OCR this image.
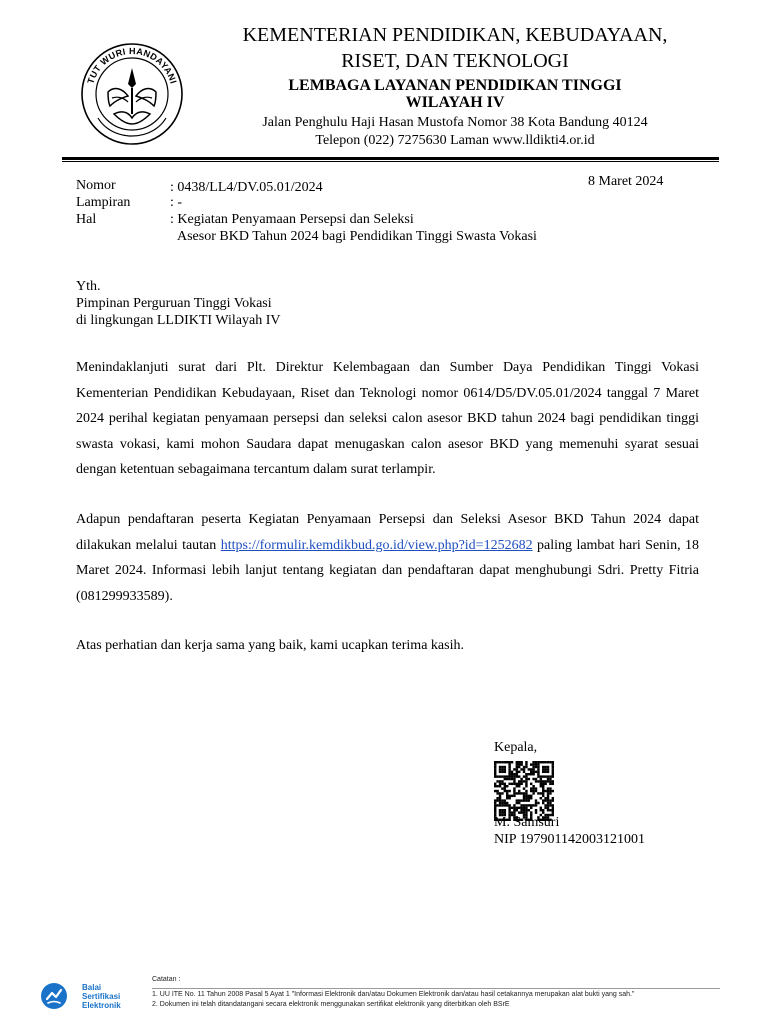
TUT WURI HANDAYANI
KEMENTERIAN PENDIDIKAN, KEBUDAYAAN,
RISET, DAN TEKNOLOGI
LEMBAGA LAYANAN PENDIDIKAN TINGGI
WILAYAH IV
Jalan Penghulu Haji Hasan Mustofa Nomor 38 Kota Bandung 40124
Telepon (022) 7275630 Laman www.lldikti4.or.id
8 Maret 2024
Nomor	: 0438/LL4/DV.05.01/2024
Lampiran	: -
Hal	: Kegiatan Penyamaan Persepsi dan Seleksi
Asesor BKD Tahun 2024 bagi Pendidikan Tinggi Swasta Vokasi
Yth.
Pimpinan Perguruan Tinggi Vokasi
di lingkungan LLDIKTI Wilayah IV
Menindaklanjuti surat dari Plt. Direktur Kelembagaan dan Sumber Daya Pendidikan Tinggi Vokasi Kementerian Pendidikan Kebudayaan, Riset dan Teknologi nomor 0614/D5/DV.05.01/2024 tanggal 7 Maret 2024 perihal kegiatan penyamaan persepsi dan seleksi calon asesor BKD tahun 2024 bagi pendidikan tinggi swasta vokasi, kami mohon Saudara dapat menugaskan calon asesor BKD yang memenuhi syarat sesuai dengan ketentuan sebagaimana tercantum dalam surat terlampir.
Adapun pendaftaran peserta Kegiatan Penyamaan Persepsi dan Seleksi Asesor BKD Tahun 2024 dapat dilakukan melalui tautan https://formulir.kemdikbud.go.id/view.php?id=1252682 paling lambat hari Senin, 18 Maret 2024. Informasi lebih lanjut tentang kegiatan dan pendaftaran dapat menghubungi Sdri. Pretty Fitria (081299933589).
Atas perhatian dan kerja sama yang baik, kami ucapkan terima kasih.
Kepala,
M. Samsuri
NIP 197901142003121001
Balai
Sertifikasi
Elektronik
Catatan :
1. UU ITE No. 11 Tahun 2008 Pasal 5 Ayat 1 "Informasi Elektronik dan/atau Dokumen Elektronik dan/atau hasil cetakannya merupakan alat bukti yang sah."
2. Dokumen ini telah ditandatangani secara elektronik menggunakan sertifikat elektronik yang diterbitkan oleh BSrE
